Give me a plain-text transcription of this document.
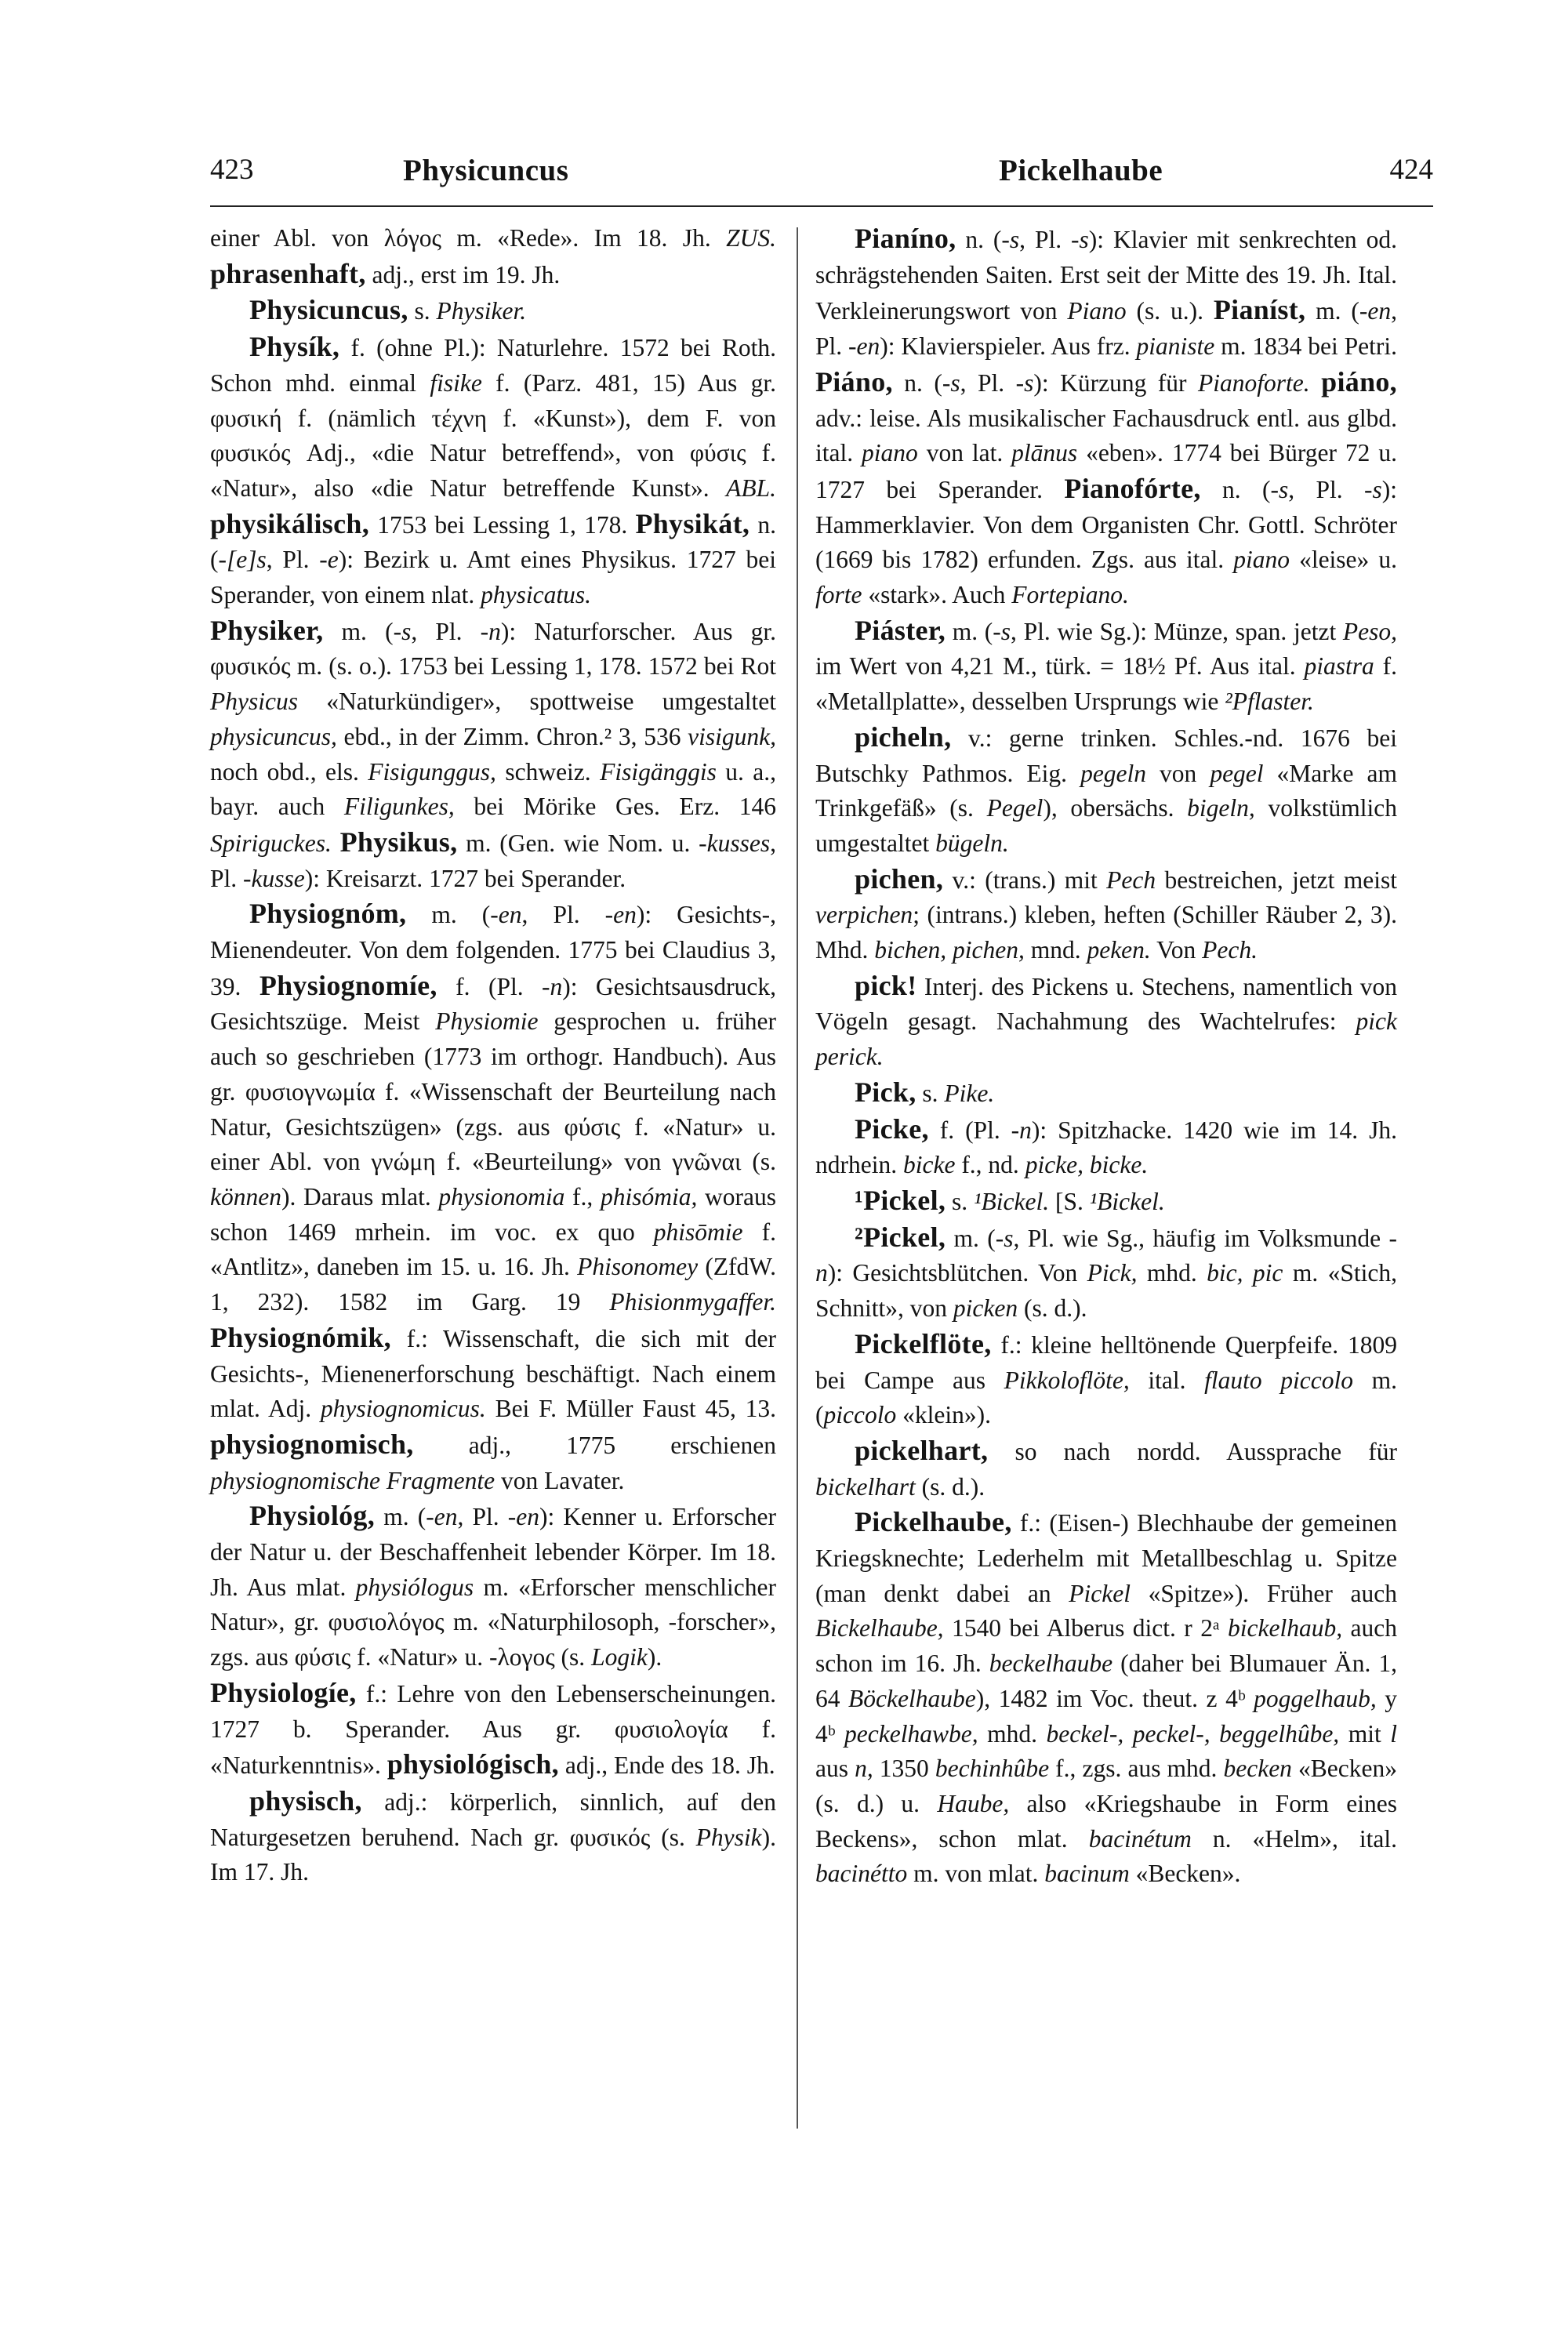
423	Physicuncus	Pickelhaube	424

einer Abl. von λόγος m. «Rede». Im 18. Jh. ZUS. phrasenhaft, adj., erst im 19. Jh.

Physicuncus, s. Physiker.

Physík, f. (ohne Pl.): Naturlehre. 1572 bei Roth. Schon mhd. einmal fisike f. (Parz. 481, 15) Aus gr. φυσική f. (nämlich τέχνη f. «Kunst»), dem F. von φυσικός Adj., «die Natur betreffend», von φύσις f. «Natur», also «die Natur betreffende Kunst». ABL. physikálisch, 1753 bei Lessing 1, 178. Physikát, n. (-[e]s, Pl. -e): Bezirk u. Amt eines Physikus. 1727 bei Sperander, von einem nlat. physicatus.

Physiker, m. (-s, Pl. -n): Naturforscher. Aus gr. φυσικός m. (s. o.). 1753 bei Lessing 1, 178. 1572 bei Rot Physicus «Naturkündiger», spottweise umgestaltet physicuncus, ebd., in der Zimm. Chron.² 3, 536 visigunk, noch obd., els. Fisigunggus, schweiz. Fisigänggis u. a., bayr. auch Filigunkes, bei Mörike Ges. Erz. 146 Spiriguckes. Physikus, m. (Gen. wie Nom. u. -kusses, Pl. -kusse): Kreisarzt. 1727 bei Sperander.

Physiognóm, m. (-en, Pl. -en): Gesichts-, Mienendeuter. Von dem folgenden. 1775 bei Claudius 3, 39. Physiognomíe, f. (Pl. -n): Gesichtsausdruck, Gesichtszüge. Meist Physiomie gesprochen u. früher auch so geschrieben (1773 im orthogr. Handbuch). Aus gr. φυσιογνωμία f. «Wissenschaft der Beurteilung nach Natur, Gesichtszügen» (zgs. aus φύσις f. «Natur» u. einer Abl. von γνώμη f. «Beurteilung» von γνῶναι (s. können). Daraus mlat. physionomia f., phisómia, woraus schon 1469 mrhein. im voc. ex quo phisōmie f. «Antlitz», daneben im 15. u. 16. Jh. Phisonomey (ZfdW. 1, 232). 1582 im Garg. 19 Phisionmygaffer. Physiognómik, f.: Wissenschaft, die sich mit der Gesichts-, Mienenerforschung beschäftigt. Nach einem mlat. Adj. physiognomicus. Bei F. Müller Faust 45, 13. physiognomisch, adj., 1775 erschienen physiognomische Fragmente von Lavater.

Physiológ, m. (-en, Pl. -en): Kenner u. Erforscher der Natur u. der Beschaffenheit lebender Körper. Im 18. Jh. Aus mlat. physiólogus m. «Erforscher menschlicher Natur», gr. φυσιολόγος m. «Naturphilosoph, -forscher», zgs. aus φύσις f. «Natur» u. -λογος (s. Logik).

Physiologíe, f.: Lehre von den Lebenserscheinungen. 1727 b. Sperander. Aus gr. φυσιολογία f. «Naturkenntnis». physiológisch, adj., Ende des 18. Jh.

physisch, adj.: körperlich, sinnlich, auf den Naturgesetzen beruhend. Nach gr. φυσικός (s. Physik). Im 17. Jh.

Pianíno, n. (-s, Pl. -s): Klavier mit senkrechten od. schrägstehenden Saiten. Erst seit der Mitte des 19. Jh. Ital. Verkleinerungswort von Piano (s. u.). Pianíst, m. (-en, Pl. -en): Klavierspieler. Aus frz. pianiste m. 1834 bei Petri. Piáno, n. (-s, Pl. -s): Kürzung für Pianoforte. piáno, adv.: leise. Als musikalischer Fachausdruck entl. aus glbd. ital. piano von lat. plānus «eben». 1774 bei Bürger 72 u. 1727 bei Sperander. Pianofórte, n. (-s, Pl. -s): Hammerklavier. Von dem Organisten Chr. Gottl. Schröter (1669 bis 1782) erfunden. Zgs. aus ital. piano «leise» u. forte «stark». Auch Fortepiano.

Piáster, m. (-s, Pl. wie Sg.): Münze, span. jetzt Peso, im Wert von 4,21 M., türk. = 18½ Pf. Aus ital. piastra f. «Metallplatte», desselben Ursprungs wie ²Pflaster.

picheln, v.: gerne trinken. Schles.-nd. 1676 bei Butschky Pathmos. Eig. pegeln von pegel «Marke am Trinkgefäß» (s. Pegel), obersächs. bigeln, volkstümlich umgestaltet bügeln.

pichen, v.: (trans.) mit Pech bestreichen, jetzt meist verpichen; (intrans.) kleben, heften (Schiller Räuber 2, 3). Mhd. bichen, pichen, mnd. peken. Von Pech.

pick! Interj. des Pickens u. Stechens, namentlich von Vögeln gesagt. Nachahmung des Wachtelrufes: pick perick.

Pick, s. Pike.

Picke, f. (Pl. -n): Spitzhacke. 1420 wie im 14. Jh. ndrhein. bicke f., nd. picke, bicke.

¹Pickel, s. ¹Bickel. [S. ¹Bickel.

²Pickel, m. (-s, Pl. wie Sg., häufig im Volksmunde -n): Gesichtsblütchen. Von Pick, mhd. bic, pic m. «Stich, Schnitt», von picken (s. d.).

Pickelflöte, f.: kleine helltönende Querpfeife. 1809 bei Campe aus Pikkoloflöte, ital. flauto piccolo m. (piccolo «klein»).

pickelhart, so nach nordd. Aussprache für bickelhart (s. d.).

Pickelhaube, f.: (Eisen-) Blechhaube der gemeinen Kriegsknechte; Lederhelm mit Metallbeschlag u. Spitze (man denkt dabei an Pickel «Spitze»). Früher auch Bickelhaube, 1540 bei Alberus dict. r 2ᵃ bickelhaub, auch schon im 16. Jh. beckelhaube (daher bei Blumauer Än. 1, 64 Böckelhaube), 1482 im Voc. theut. z 4ᵇ poggelhaub, y 4ᵇ peckelhawbe, mhd. beckel-, peckel-, beggelhûbe, mit l aus n, 1350 bechinhûbe f., zgs. aus mhd. becken «Becken» (s. d.) u. Haube, also «Kriegshaube in Form eines Beckens», schon mlat. bacinétum n. «Helm», ital. bacinétto m. von mlat. bacinum «Becken».
